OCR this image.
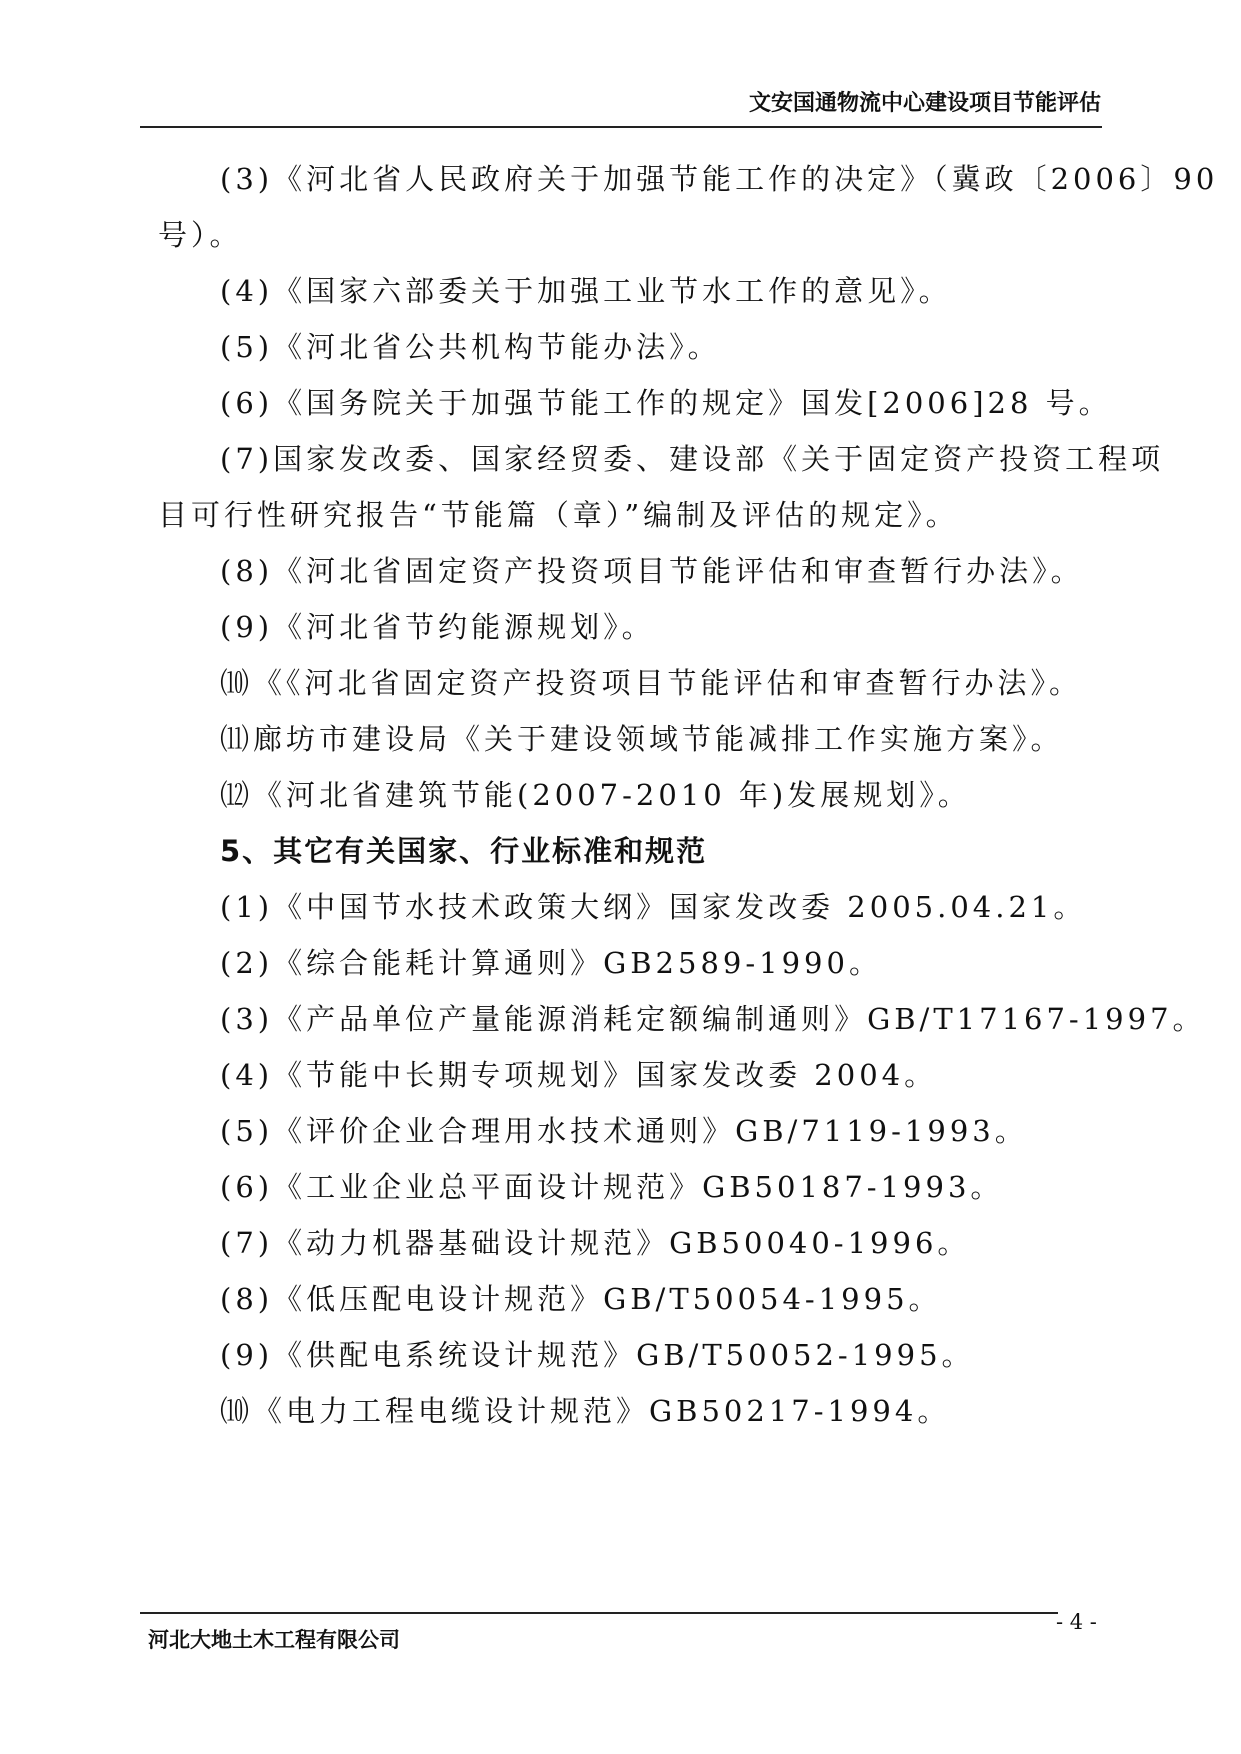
文安国通物流中心建设项目节能评估
(3)《河北省人民政府关于加强节能工作的决定》（冀政〔2006〕90
号）。
(4)《国家六部委关于加强工业节水工作的意见》。
(5)《河北省公共机构节能办法》。
(6)《国务院关于加强节能工作的规定》国发[2006]28 号。
(7)国家发改委、国家经贸委、建设部《关于固定资产投资工程项
目可行性研究报告“节能篇（章）”编制及评估的规定》。
(8)《河北省固定资产投资项目节能评估和审查暂行办法》。
(9)《河北省节约能源规划》。
⑽《《河北省固定资产投资项目节能评估和审查暂行办法》。
⑾廊坊市建设局《关于建设领域节能减排工作实施方案》。
⑿《河北省建筑节能(2007-2010 年)发展规划》。
5、其它有关国家、行业标准和规范
(1)《中国节水技术政策大纲》国家发改委 2005.04.21。
(2)《综合能耗计算通则》GB2589-1990。
(3)《产品单位产量能源消耗定额编制通则》GB/T17167-1997。
(4)《节能中长期专项规划》国家发改委 2004。
(5)《评价企业合理用水技术通则》GB/7119-1993。
(6)《工业企业总平面设计规范》GB50187-1993。
(7)《动力机器基础设计规范》GB50040-1996。
(8)《低压配电设计规范》GB/T50054-1995。
(9)《供配电系统设计规范》GB/T50052-1995。
⑽《电力工程电缆设计规范》GB50217-1994。
河北大地土木工程有限公司
- 4 -
